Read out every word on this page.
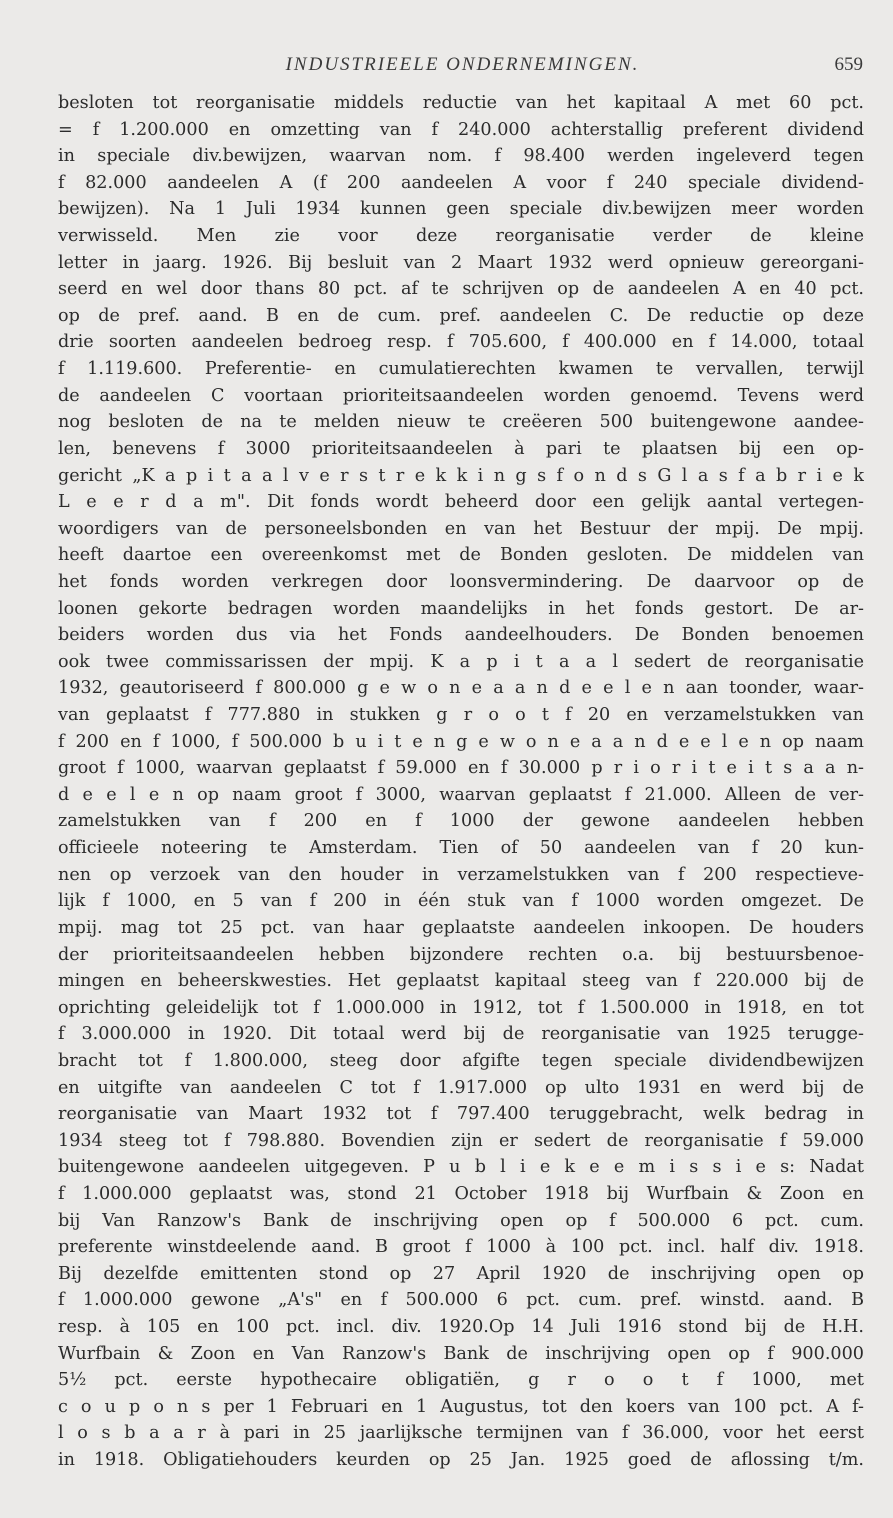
INDUSTRIEELE ONDERNEMINGEN.	659
besloten tot reorganisatie middels reductie van het kapitaal A met 60 pct.
= f 1.200.000 en omzetting van f 240.000 achterstallig preferent dividend
in speciale div.bewijzen, waarvan nom. f 98.400 werden ingeleverd tegen
f 82.000 aandeelen A (f 200 aandeelen A voor f 240 speciale dividend-
bewijzen). Na 1 Juli 1934 kunnen geen speciale div.bewijzen meer worden
verwisseld. Men zie voor deze reorganisatie verder de kleine
letter in jaarg. 1926. Bij besluit van 2 Maart 1932 werd opnieuw gereorgani-
seerd en wel door thans 80 pct. af te schrijven op de aandeelen A en 40 pct.
op de pref. aand. B en de cum. pref. aandeelen C. De reductie op deze
drie soorten aandeelen bedroeg resp. f 705.600, f 400.000 en f 14.000, totaal
f 1.119.600. Preferentie- en cumulatierechten kwamen te vervallen, terwijl
de aandeelen C voortaan prioriteitsaandeelen worden genoemd. Tevens werd
nog besloten de na te melden nieuw te creëeren 500 buitengewone aandee-
len, benevens f 3000 prioriteitsaandeelen à pari te plaatsen bij een op-
gericht „K a p i t a a l v e r s t r e k k i n g s f o n d s G l a s f a b r i e k
L e e r d a m". Dit fonds wordt beheerd door een gelijk aantal vertegen-
woordigers van de personeelsbonden en van het Bestuur der mpij. De mpij.
heeft daartoe een overeenkomst met de Bonden gesloten. De middelen van
het fonds worden verkregen door loonsvermindering. De daarvoor op de
loonen gekorte bedragen worden maandelijks in het fonds gestort. De ar-
beiders worden dus via het Fonds aandeelhouders. De Bonden benoemen
ook twee commissarissen der mpij. K a p i t a a l sedert de reorganisatie
1932, geautoriseerd f 800.000 g e w o n e a a n d e e l e n aan toonder, waar-
van geplaatst f 777.880 in stukken g r o o t f 20 en verzamelstukken van
f 200 en f 1000, f 500.000 b u i t e n g e w o n e a a n d e e l e n op naam
groot f 1000, waarvan geplaatst f 59.000 en f 30.000 p r i o r i t e i t s a a n-
d e e l e n op naam groot f 3000, waarvan geplaatst f 21.000. Alleen de ver-
zamelstukken van f 200 en f 1000 der gewone aandeelen hebben
officieele noteering te Amsterdam. Tien of 50 aandeelen van f 20 kun-
nen op verzoek van den houder in verzamelstukken van f 200 respectieve-
lijk f 1000, en 5 van f 200 in één stuk van f 1000 worden omgezet. De
mpij. mag tot 25 pct. van haar geplaatste aandeelen inkoopen. De houders
der prioriteitsaandeelen hebben bijzondere rechten o.a. bij bestuursbenoe-
mingen en beheerskwesties. Het geplaatst kapitaal steeg van f 220.000 bij de
oprichting geleidelijk tot f 1.000.000 in 1912, tot f 1.500.000 in 1918, en tot
f 3.000.000 in 1920. Dit totaal werd bij de reorganisatie van 1925 terugge-
bracht tot f 1.800.000, steeg door afgifte tegen speciale dividendbewijzen
en uitgifte van aandeelen C tot f 1.917.000 op ulto 1931 en werd bij de
reorganisatie van Maart 1932 tot f 797.400 teruggebracht, welk bedrag in
1934 steeg tot f 798.880. Bovendien zijn er sedert de reorganisatie f 59.000
buitengewone aandeelen uitgegeven. P u b l i e k e e m i s s i e s: Nadat
f 1.000.000 geplaatst was, stond 21 October 1918 bij Wurfbain & Zoon en
bij Van Ranzow's Bank de inschrijving open op f 500.000 6 pct. cum.
preferente winstdeelende aand. B groot f 1000 à 100 pct. incl. half div. 1918.
Bij dezelfde emittenten stond op 27 April 1920 de inschrijving open op
f 1.000.000 gewone „A's" en f 500.000 6 pct. cum. pref. winstd. aand. B
resp. à 105 en 100 pct. incl. div. 1920.Op 14 Juli 1916 stond bij de H.H.
Wurfbain & Zoon en Van Ranzow's Bank de inschrijving open op f 900.000
5½ pct. eerste hypothecaire obligatiën, g r o o t f 1000, met
c o u p o n s per 1 Februari en 1 Augustus, tot den koers van 100 pct. A f-
l o s b a a r à pari in 25 jaarlijksche termijnen van f 36.000, voor het eerst
in 1918. Obligatiehouders keurden op 25 Jan. 1925 goed de aflossing t/m.
